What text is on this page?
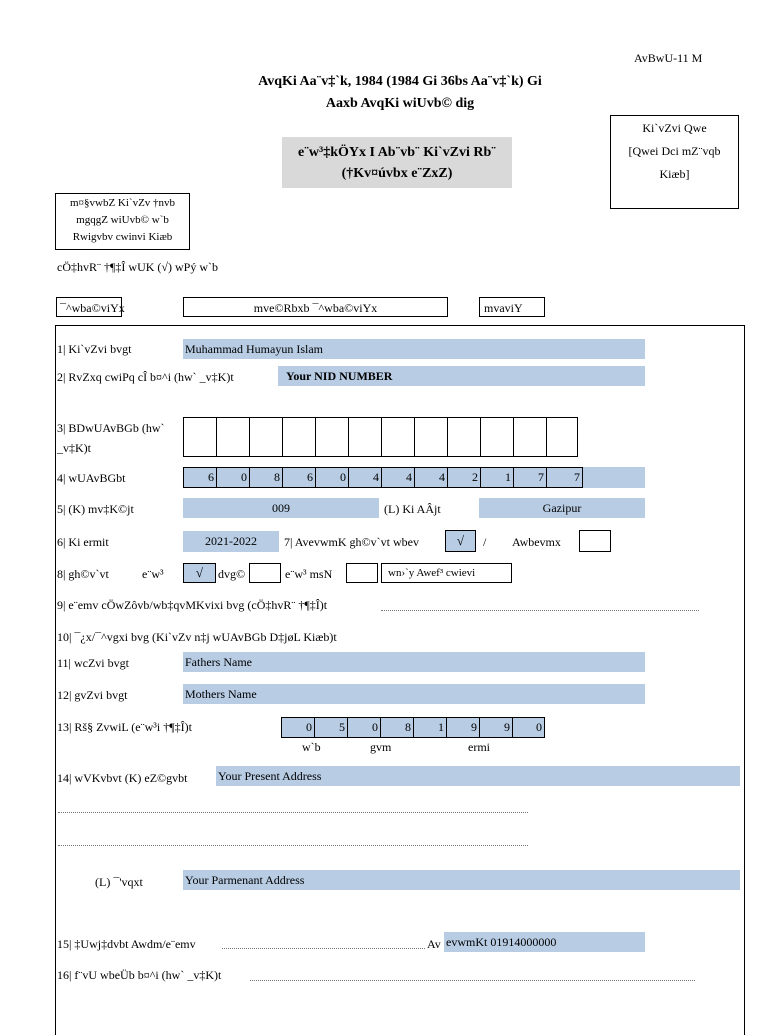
AvBwU-11 M
AvqKi Aa¨v‡`k, 1984 (1984 Gi 36bs Aa¨v‡`k) Gi
Aaxb AvqKi wiUvb© dig
e¨w³‡kÖYx I Ab¨vb¨ Ki`vZvi Rb¨
(†Kv¤úvbx e¨ZxZ)
Ki`vZvi Qwe
[Qwei Dci mZ¨vqb
Kiæb]
m¤§vwbZ Ki`vZv †nvb
mgqgZ wiUvb© w`b
Rwigvbv cwinvi Kiæb
cÖ‡hvR¨ †¶‡Î wUK (√) wPý w`b
¯^wba©viYx	mve©Rbxb ¯^wba©viYx	mvaviY
1| Ki`vZvi bvgt	Muhammad Humayun Islam
2| RvZxq cwiPq cÎ b¤^i (hw` _v‡K)t	Your NID NUMBER
3| BDwUAvBGb (hw`
_v‡K)t
4| wUAvBGbt	6 0 8 6 0 4 4 4 2 1 7	7
5| (K) mv‡K©jt	009	(L) Ki AÂjt	Gazipur
6| Ki ermit	2021-2022	7| AvevwmK gh©v`vt wbev	√	/ Awbevmx
8| gh©v`vt	e¨w³	√	dvg©	e¨w³ msN	wn›`y Awef³ cwievi
9| e¨emv cÖwZôvb/wb‡qvMKvixi bvg (cÖ‡hvR¨ †¶‡Î)t
10| ¯¿x/¯^vgxi bvg (Ki`vZv n‡j wUAvBGb D‡jøL Kiæb)t
11| wcZvi bvgt	Fathers Name
12| gvZvi bvgt	Mothers Name
13| Rš§ ZvwiL (e¨w³i †¶‡Î)t	0 5 0 8 1 9 9 0
w`b	gvm	ermi
14| wVKvbvt (K) eZ©gvbt	Your Present Address
(L) ¯'vqxt	Your Parmenant Address
15| ‡Uwj‡dvbt Awdm/e¨emv	Av evwmKt 01914000000
16| f¨vU wbeÜb b¤^i (hw` _v‡K)t
